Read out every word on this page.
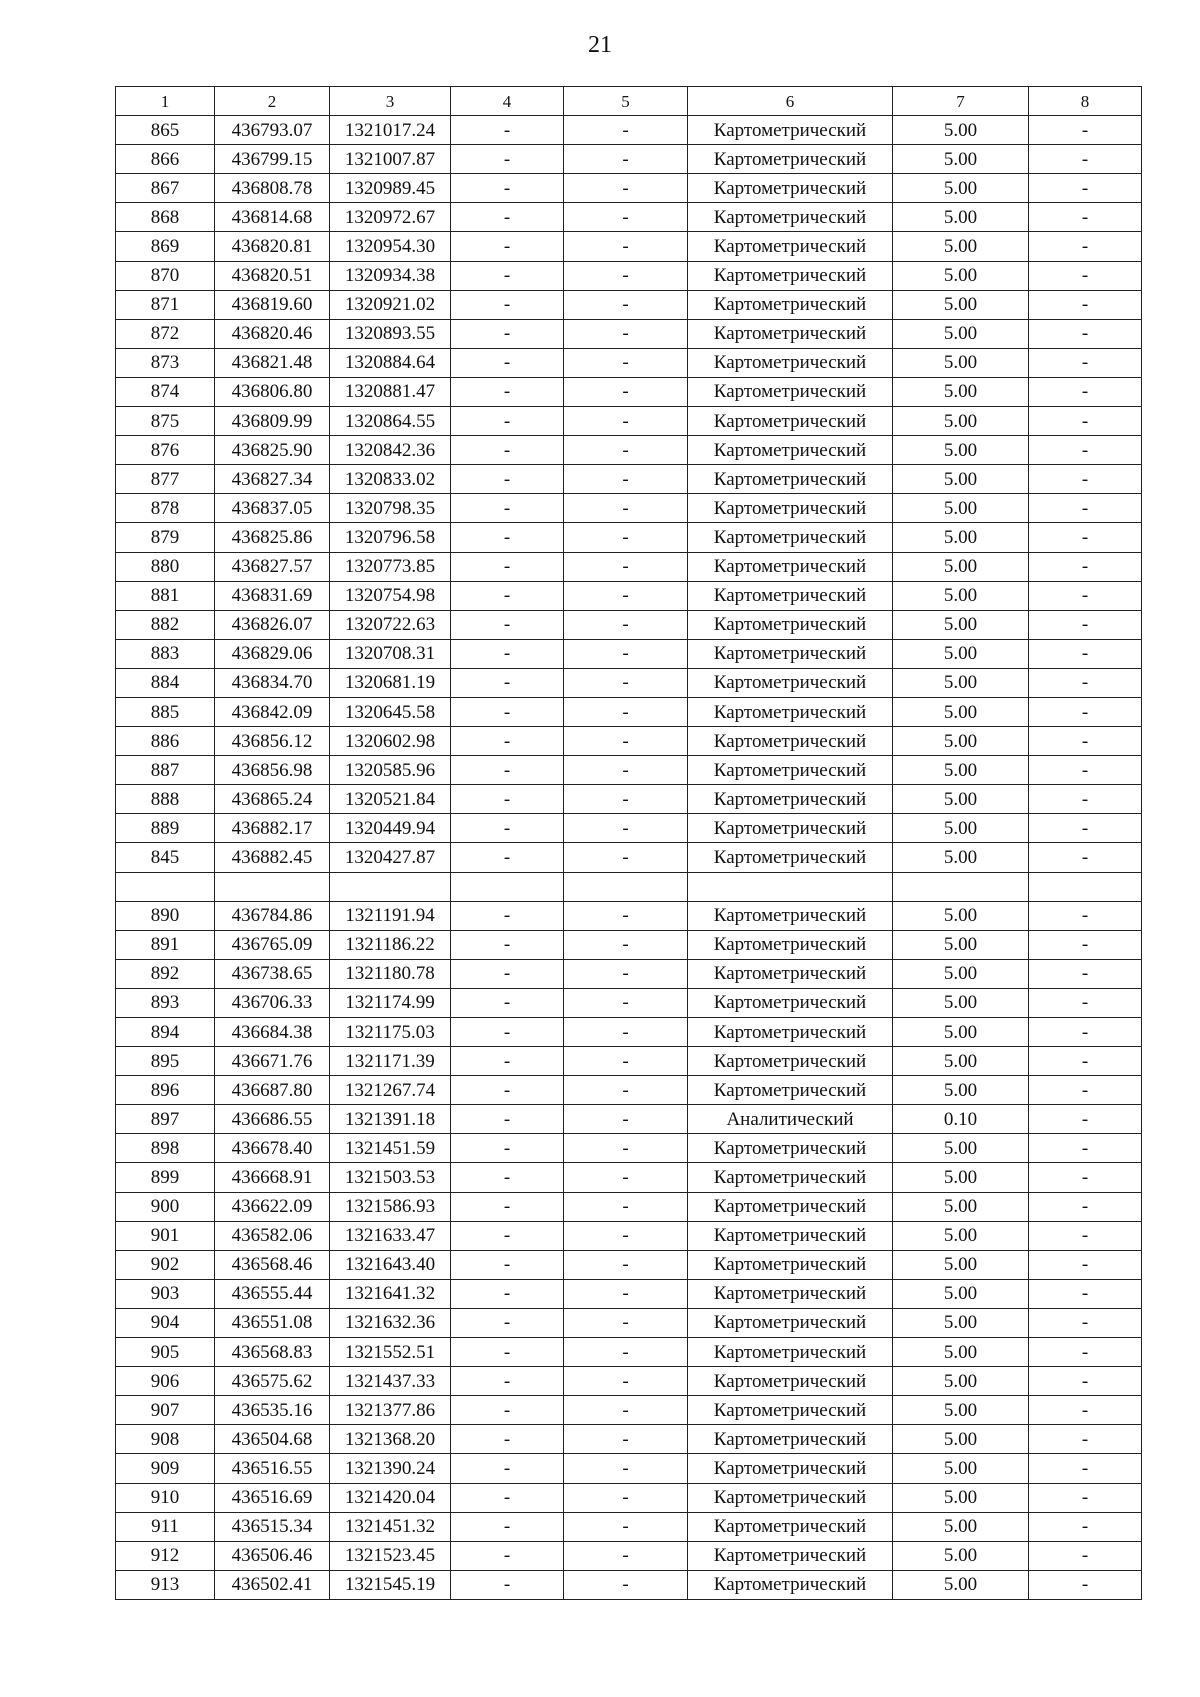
21
1	2	3	4	5	6	7	8
865	436793.07	1321017.24	-	-	Картометрический	5.00	-
866	436799.15	1321007.87	-	-	Картометрический	5.00	-
867	436808.78	1320989.45	-	-	Картометрический	5.00	-
868	436814.68	1320972.67	-	-	Картометрический	5.00	-
869	436820.81	1320954.30	-	-	Картометрический	5.00	-
870	436820.51	1320934.38	-	-	Картометрический	5.00	-
871	436819.60	1320921.02	-	-	Картометрический	5.00	-
872	436820.46	1320893.55	-	-	Картометрический	5.00	-
873	436821.48	1320884.64	-	-	Картометрический	5.00	-
874	436806.80	1320881.47	-	-	Картометрический	5.00	-
875	436809.99	1320864.55	-	-	Картометрический	5.00	-
876	436825.90	1320842.36	-	-	Картометрический	5.00	-
877	436827.34	1320833.02	-	-	Картометрический	5.00	-
878	436837.05	1320798.35	-	-	Картометрический	5.00	-
879	436825.86	1320796.58	-	-	Картометрический	5.00	-
880	436827.57	1320773.85	-	-	Картометрический	5.00	-
881	436831.69	1320754.98	-	-	Картометрический	5.00	-
882	436826.07	1320722.63	-	-	Картометрический	5.00	-
883	436829.06	1320708.31	-	-	Картометрический	5.00	-
884	436834.70	1320681.19	-	-	Картометрический	5.00	-
885	436842.09	1320645.58	-	-	Картометрический	5.00	-
886	436856.12	1320602.98	-	-	Картометрический	5.00	-
887	436856.98	1320585.96	-	-	Картометрический	5.00	-
888	436865.24	1320521.84	-	-	Картометрический	5.00	-
889	436882.17	1320449.94	-	-	Картометрический	5.00	-
845	436882.45	1320427.87	-	-	Картометрический	5.00	-

890	436784.86	1321191.94	-	-	Картометрический	5.00	-
891	436765.09	1321186.22	-	-	Картометрический	5.00	-
892	436738.65	1321180.78	-	-	Картометрический	5.00	-
893	436706.33	1321174.99	-	-	Картометрический	5.00	-
894	436684.38	1321175.03	-	-	Картометрический	5.00	-
895	436671.76	1321171.39	-	-	Картометрический	5.00	-
896	436687.80	1321267.74	-	-	Картометрический	5.00	-
897	436686.55	1321391.18	-	-	Аналитический	0.10	-
898	436678.40	1321451.59	-	-	Картометрический	5.00	-
899	436668.91	1321503.53	-	-	Картометрический	5.00	-
900	436622.09	1321586.93	-	-	Картометрический	5.00	-
901	436582.06	1321633.47	-	-	Картометрический	5.00	-
902	436568.46	1321643.40	-	-	Картометрический	5.00	-
903	436555.44	1321641.32	-	-	Картометрический	5.00	-
904	436551.08	1321632.36	-	-	Картометрический	5.00	-
905	436568.83	1321552.51	-	-	Картометрический	5.00	-
906	436575.62	1321437.33	-	-	Картометрический	5.00	-
907	436535.16	1321377.86	-	-	Картометрический	5.00	-
908	436504.68	1321368.20	-	-	Картометрический	5.00	-
909	436516.55	1321390.24	-	-	Картометрический	5.00	-
910	436516.69	1321420.04	-	-	Картометрический	5.00	-
911	436515.34	1321451.32	-	-	Картометрический	5.00	-
912	436506.46	1321523.45	-	-	Картометрический	5.00	-
913	436502.41	1321545.19	-	-	Картометрический	5.00	-
